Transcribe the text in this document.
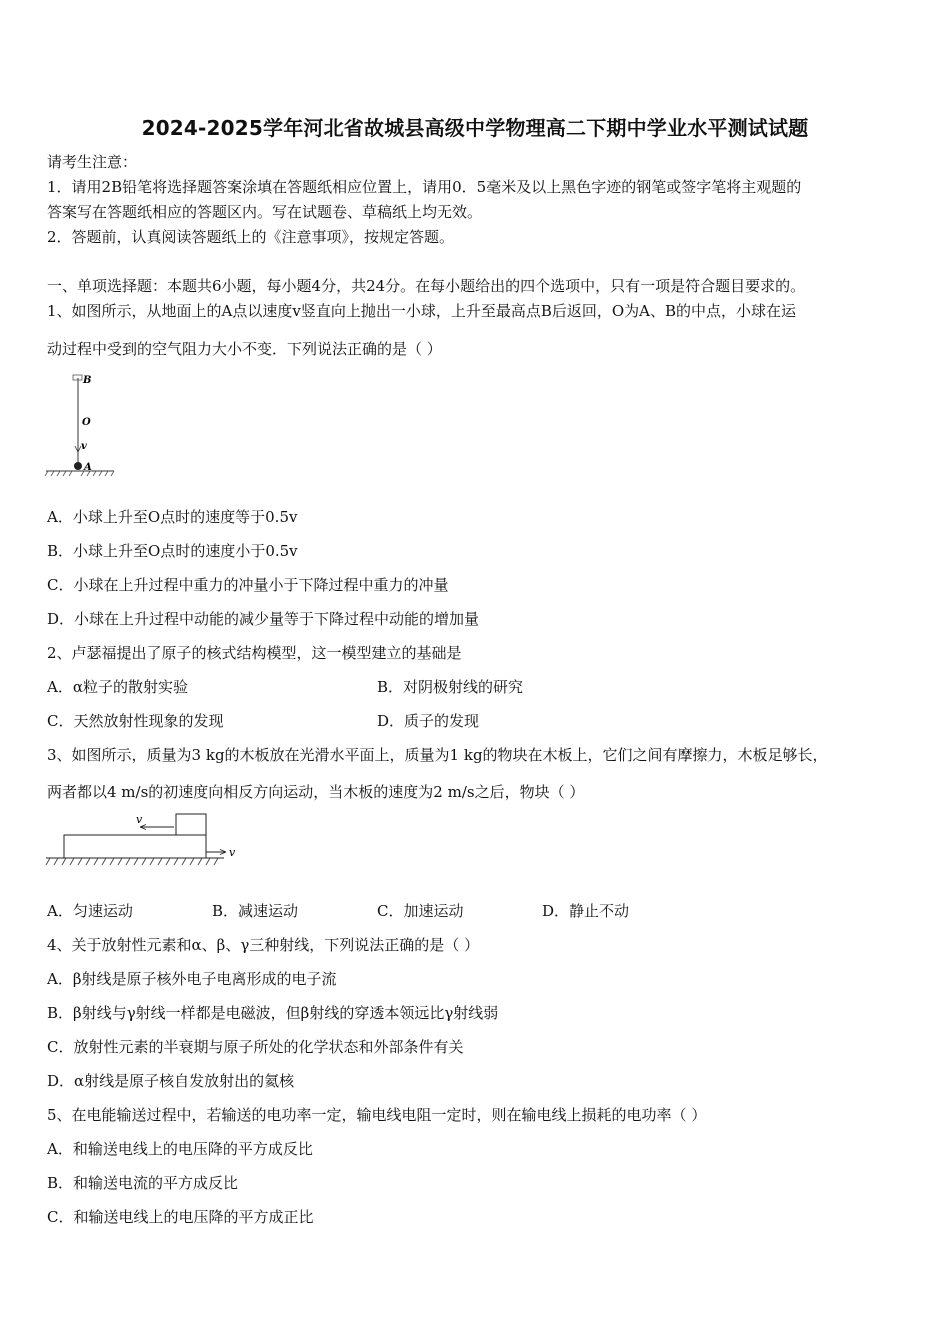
2024-2025学年河北省故城县高级中学物理高二下期中学业水平测试试题
请考生注意：
1．请用2B铅笔将选择题答案涂填在答题纸相应位置上，请用0．5毫米及以上黑色字迹的钢笔或签字笔将主观题的
答案写在答题纸相应的答题区内。写在试题卷、草稿纸上均无效。
2．答题前，认真阅读答题纸上的《注意事项》，按规定答题。
一、单项选择题：本题共6小题，每小题4分，共24分。在每小题给出的四个选项中，只有一项是符合题目要求的。
1、如图所示，从地面上的A点以速度v竖直向上抛出一小球，上升至最高点B后返回，O为A、B的中点，小球在运
动过程中受到的空气阻力大小不变．下列说法正确的是（ ）
B
O
v
A
A．小球上升至O点时的速度等于0.5v
B．小球上升至O点时的速度小于0.5v
C．小球在上升过程中重力的冲量小于下降过程中重力的冲量
D．小球在上升过程中动能的减少量等于下降过程中动能的增加量
2、卢瑟福提出了原子的核式结构模型，这一模型建立的基础是
A．α粒子的散射实验	B．对阴极射线的研究
C．天然放射性现象的发现	D．质子的发现
3、如图所示，质量为3 kg的木板放在光滑水平面上，质量为1 kg的物块在木板上，它们之间有摩擦力，木板足够长，
两者都以4 m/s的初速度向相反方向运动，当木板的速度为2 m/s之后，物块（ ）
v
v
A．匀速运动	B．减速运动	C．加速运动	D．静止不动
4、关于放射性元素和α、β、γ三种射线，下列说法正确的是（ ）
A．β射线是原子核外电子电离形成的电子流
B．β射线与γ射线一样都是电磁波，但β射线的穿透本领远比γ射线弱
C．放射性元素的半衰期与原子所处的化学状态和外部条件有关
D．α射线是原子核自发放射出的氦核
5、在电能输送过程中，若输送的电功率一定，输电线电阻一定时，则在输电线上损耗的电功率（ ）
A．和输送电线上的电压降的平方成反比
B．和输送电流的平方成反比
C．和输送电线上的电压降的平方成正比
